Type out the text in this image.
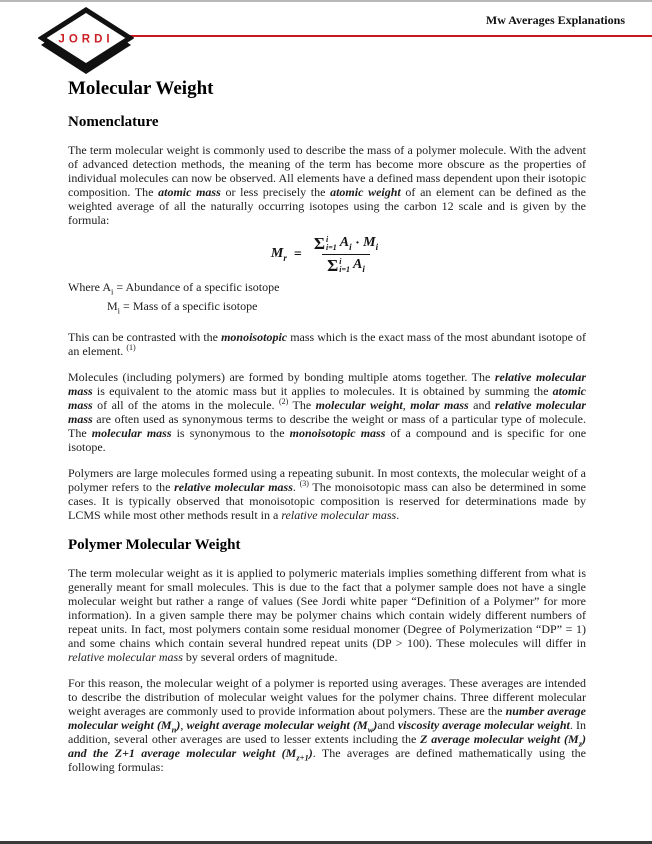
Mw Averages Explanations
JORDI
Molecular Weight
Nomenclature

The term molecular weight is commonly used to describe the mass of a polymer molecule. With the advent of advanced detection methods, the meaning of the term has become more obscure as the properties of individual molecules can now be observed. All elements have a defined mass dependent upon their isotopic composition. The atomic mass or less precisely the atomic weight of an element can be defined as the weighted average of all the naturally occurring isotopes using the carbon 12 scale and is given by the formula:

$M_r$ =
Σ i
i=1 $A_i \cdot M_i$
Σ i
i=1 $A_i$
Where $A_i$ = Abundance of a specific isotope
$M_i$ = Mass of a specific isotope

This can be contrasted with the monoisotopic mass which is the exact mass of the most abundant isotope of an element. $^{(1)}$

Molecules (including polymers) are formed by bonding multiple atoms together. The relative molecular mass is equivalent to the atomic mass but it applies to molecules. It is obtained by summing the atomic mass of all of the atoms in the molecule. $^{(2)}$ The molecular weight, molar mass and relative molecular mass are often used as synonymous terms to describe the weight or mass of a particular type of molecule. The molecular mass is synonymous to the monoisotopic mass of a compound and is specific for one isotope.

Polymers are large molecules formed using a repeating subunit. In most contexts, the molecular weight of a polymer refers to the relative molecular mass. $^{(3)}$ The monoisotopic mass can also be determined in some cases. It is typically observed that monoisotopic composition is reserved for determinations made by LCMS while most other methods result in a relative molecular mass.

Polymer Molecular Weight

The term molecular weight as it is applied to polymeric materials implies something different from what is generally meant for small molecules. This is due to the fact that a polymer sample does not have a single molecular weight but rather a range of values (See Jordi white paper “Definition of a Polymer” for more information). In a given sample there may be polymer chains which contain widely different numbers of repeat units. In fact, most polymers contain some residual monomer (Degree of Polymerization “DP” = 1) and some chains which contain several hundred repeat units (DP > 100). These molecules will differ in relative molecular mass by several orders of magnitude.

For this reason, the molecular weight of a polymer is reported using averages. These averages are intended to describe the distribution of molecular weight values for the polymer chains. Three different molecular weight averages are commonly used to provide information about polymers. These are the number average molecular weight $(M_n)$, weight average molecular weight $(M_w)and$ viscosity average molecular weight. In addition, several other averages are used to lesser extents including the Z average molecular weight $(M_z)$ and the Z+1 average molecular weight $(M_{z+1})$. The averages are defined mathematically using the following formulas:
